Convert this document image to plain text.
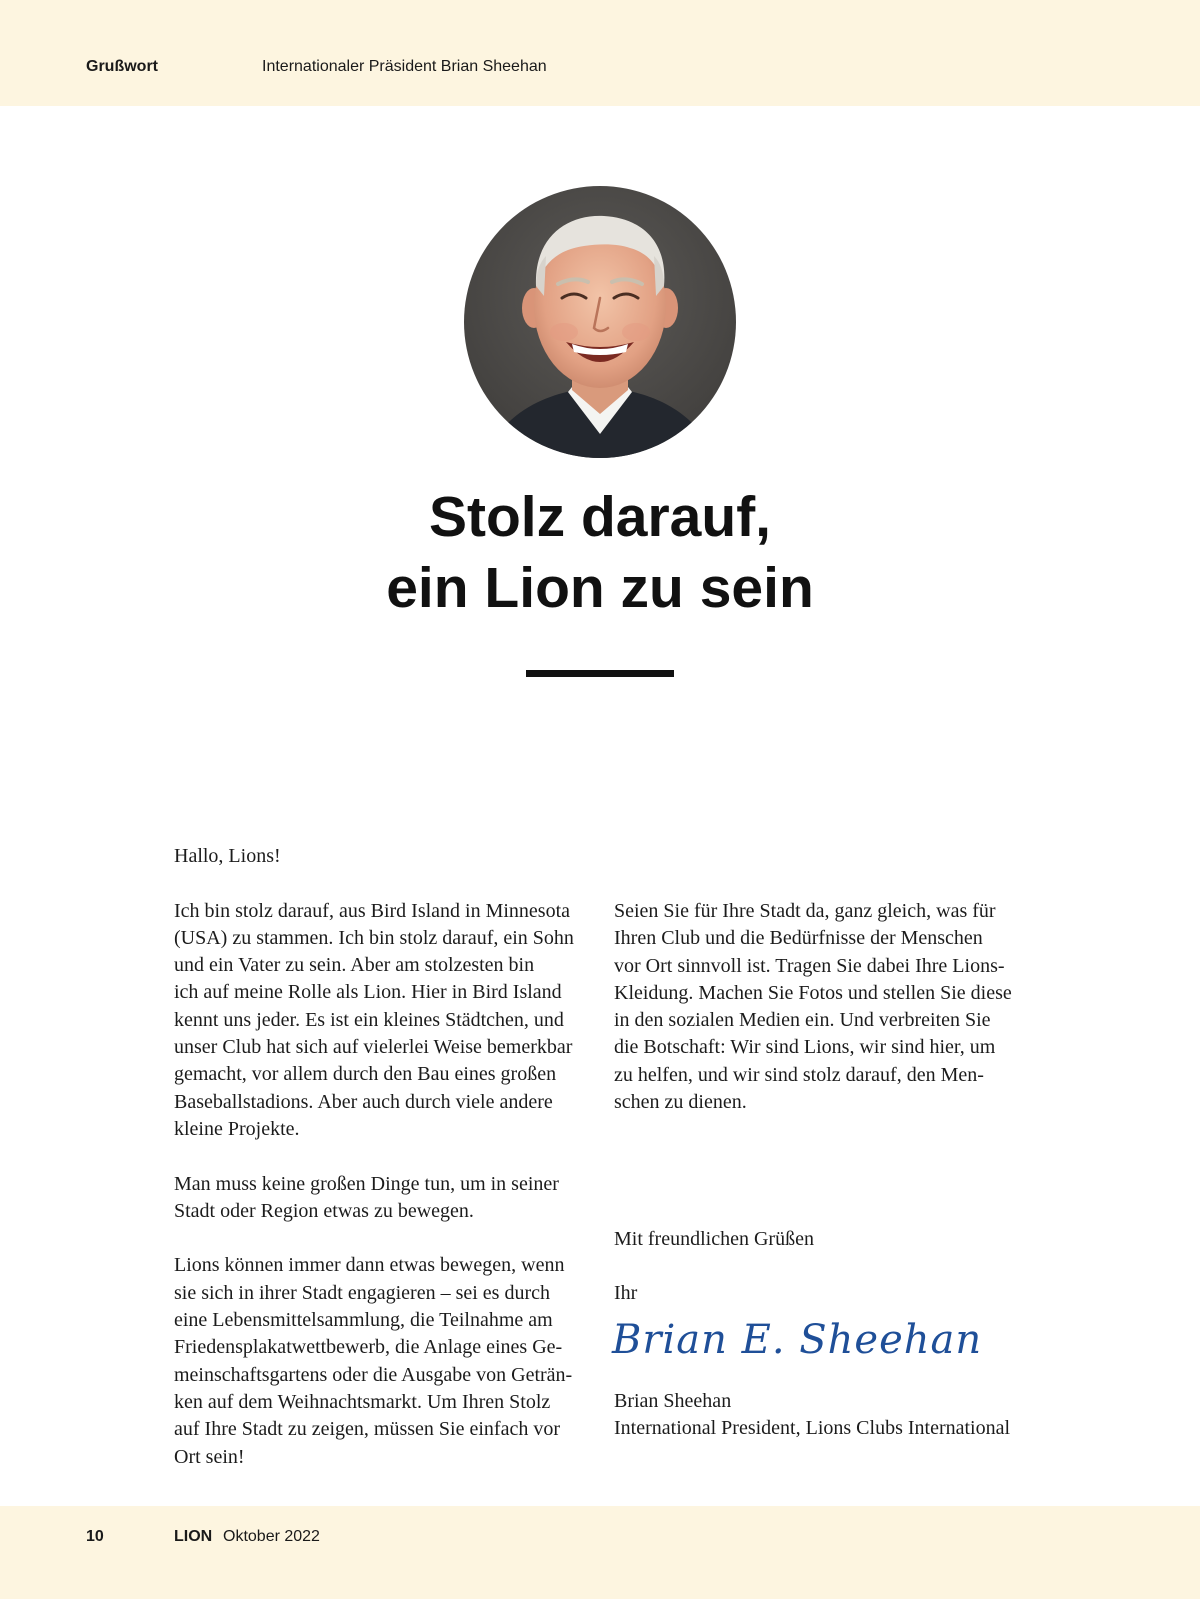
Grußwort	Internationaler Präsident Brian Sheehan
Stolz darauf,
ein Lion zu sein

Hallo, Lions!

Ich bin stolz darauf, aus Bird Island in Minnesota
(USA) zu stammen. Ich bin stolz darauf, ein Sohn
und ein Vater zu sein. Aber am stolzesten bin
ich auf meine Rolle als Lion. Hier in Bird Island
kennt uns jeder. Es ist ein kleines Städtchen, und
unser Club hat sich auf vielerlei Weise bemerkbar
gemacht, vor allem durch den Bau eines großen
Baseballstadions. Aber auch durch viele andere
kleine Projekte.

Man muss keine großen Dinge tun, um in seiner
Stadt oder Region etwas zu bewegen.

Lions können immer dann etwas bewegen, wenn
sie sich in ihrer Stadt engagieren – sei es durch
eine Lebensmittelsammlung, die Teilnahme am
Friedensplakatwettbewerb, die Anlage eines Ge-
meinschaftsgartens oder die Ausgabe von Geträn-
ken auf dem Weihnachtsmarkt. Um Ihren Stolz
auf Ihre Stadt zu zeigen, müssen Sie einfach vor
Ort sein!

Seien Sie für Ihre Stadt da, ganz gleich, was für
Ihren Club und die Bedürfnisse der Menschen
vor Ort sinnvoll ist. Tragen Sie dabei Ihre Lions-
Kleidung. Machen Sie Fotos und stellen Sie diese
in den sozialen Medien ein. Und verbreiten Sie
die Botschaft: Wir sind Lions, wir sind hier, um
zu helfen, und wir sind stolz darauf, den Men-
schen zu dienen.

Mit freundlichen Grüßen
Ihr
Brian E. Sheehan
Brian Sheehan
International President, Lions Clubs International
10	LION Oktober 2022
